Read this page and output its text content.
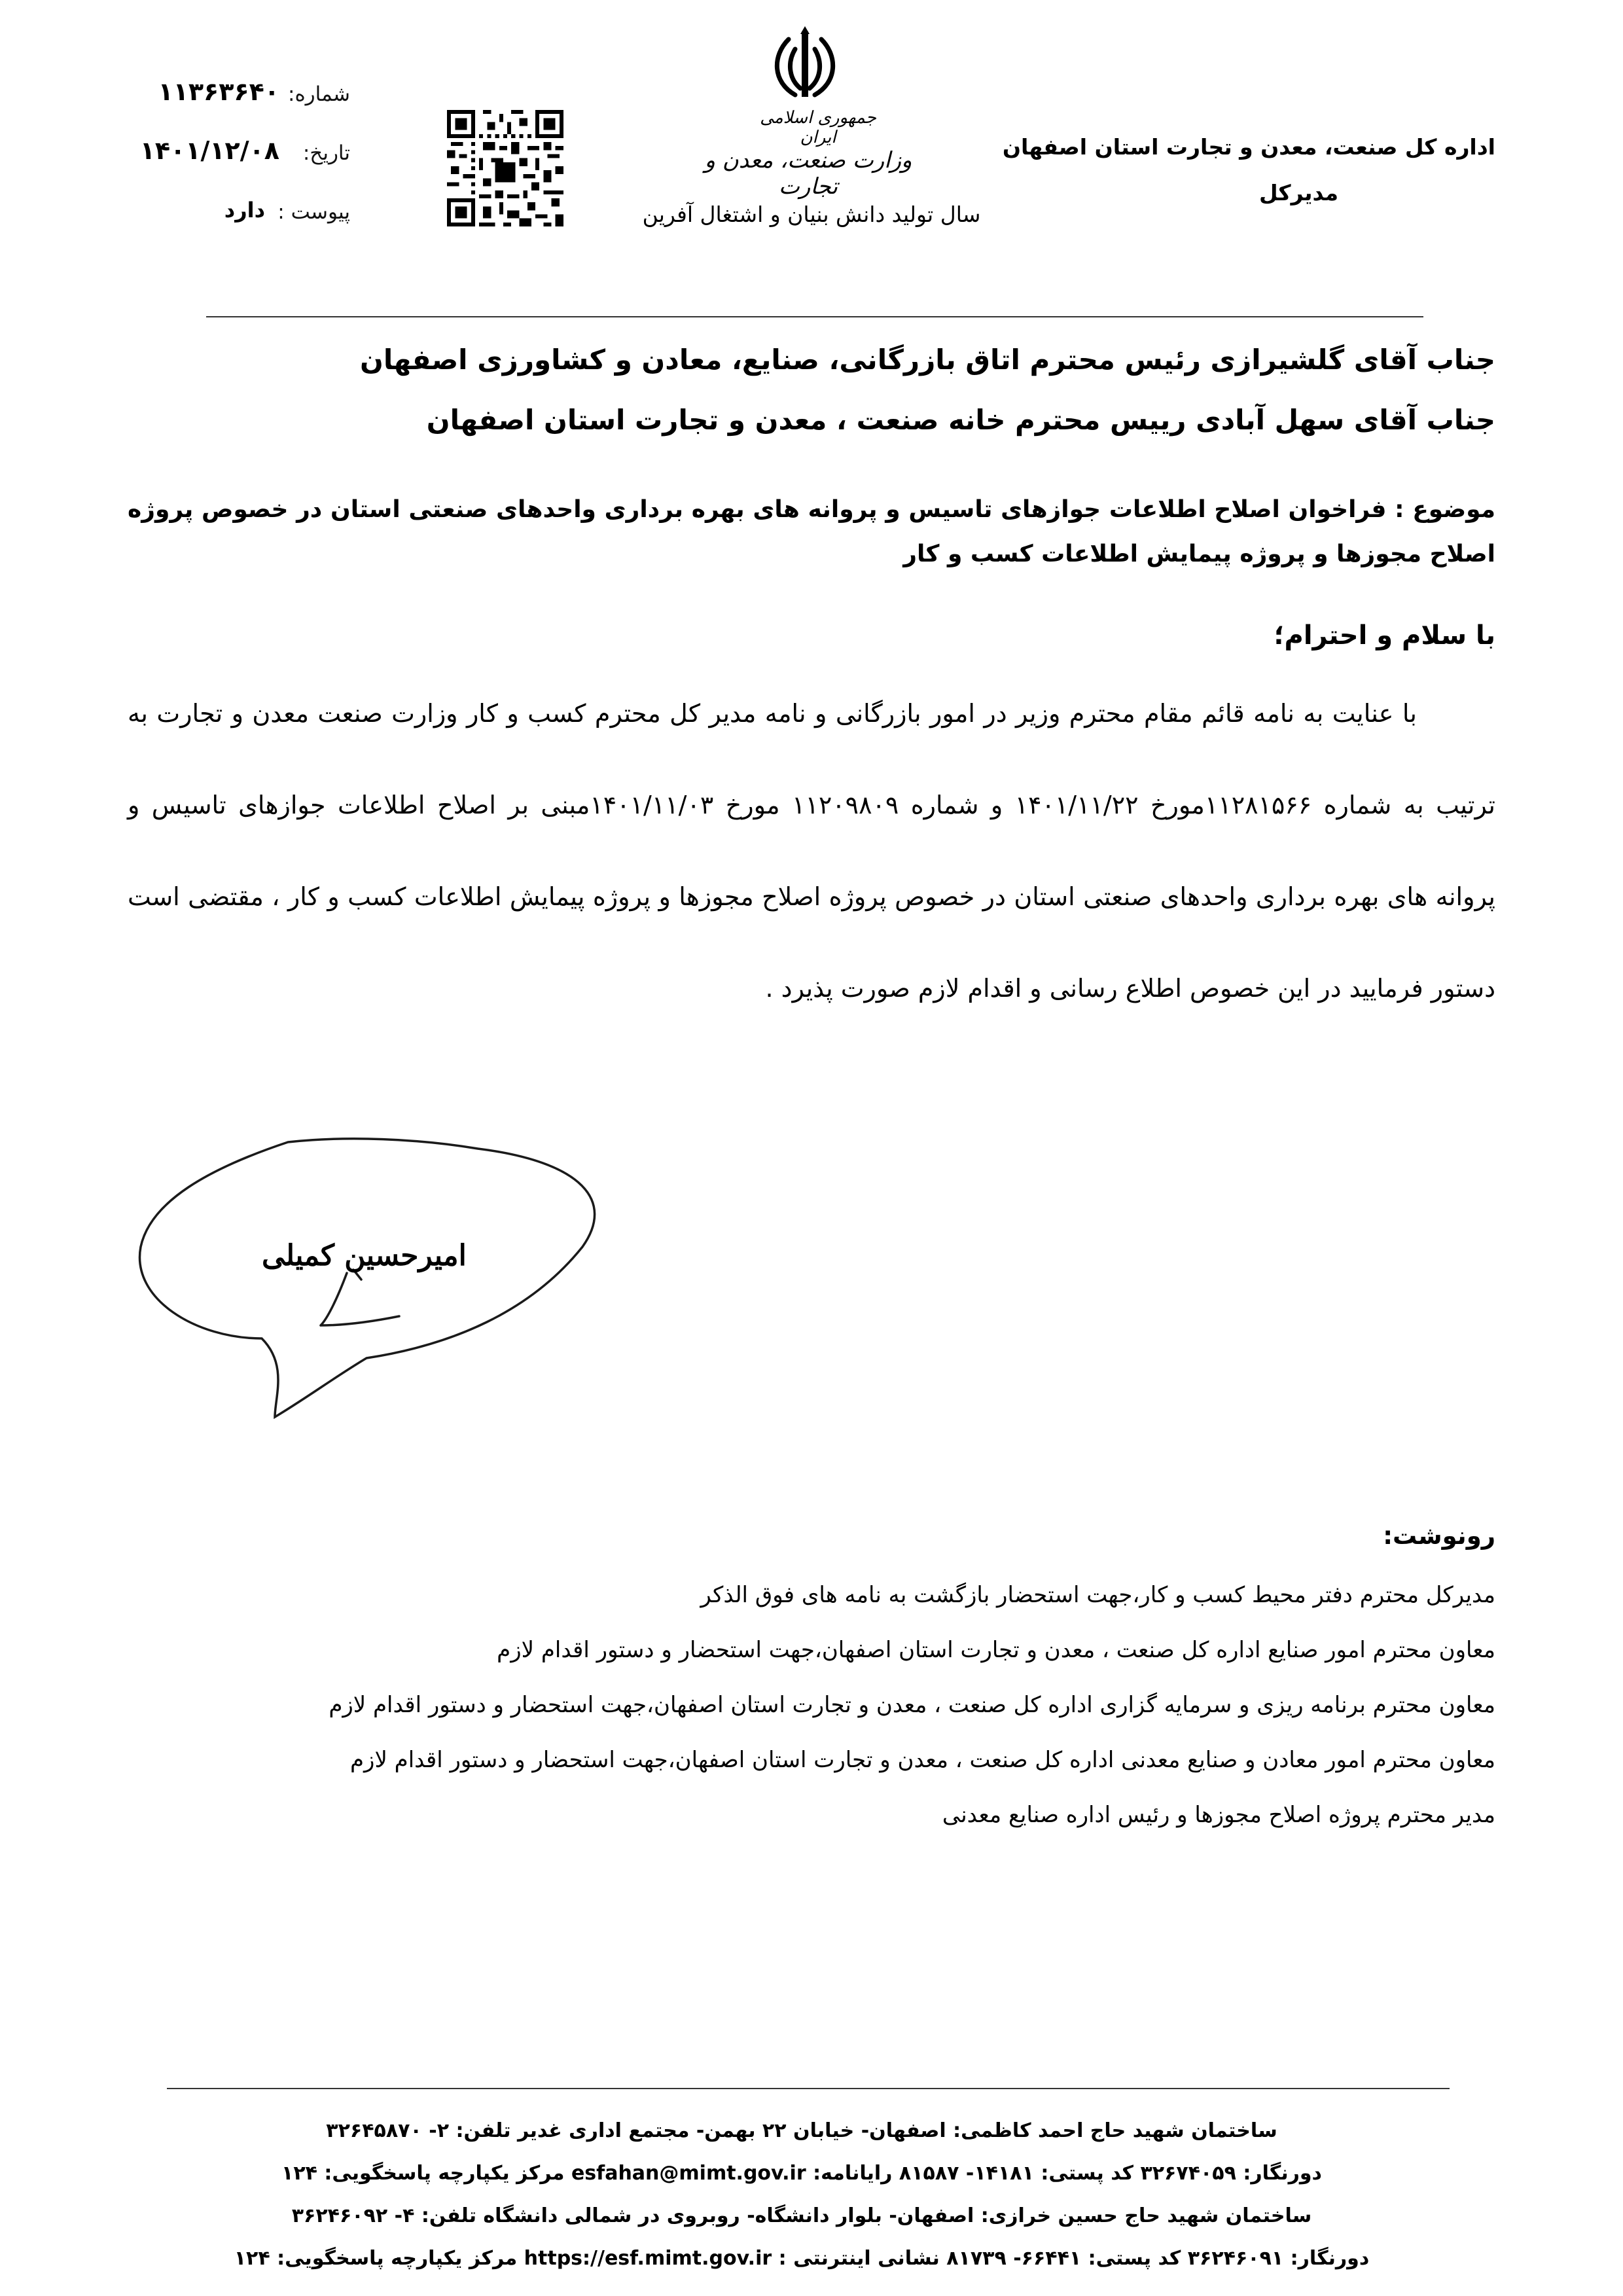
شماره:
۱۱۳۶۳۶۴۰
تاریخ:
۱۴۰۱/۱۲/۰۸
پیوست :
دارد
جمهوری اسلامی ایران
وزارت صنعت، معدن و تجارت
سال تولید دانش بنیان و اشتغال آفرین
اداره کل صنعت، معدن و تجارت استان اصفهان
مدیرکل
جناب آقای گلشیرازی رئیس محترم اتاق بازرگانی، صنایع، معادن و کشاورزی اصفهان
جناب آقای سهل آبادی رییس محترم خانه صنعت ، معدن و تجارت استان اصفهان
موضوع : فراخوان اصلاح اطلاعات جوازهای تاسیس و پروانه های بهره برداری واحدهای صنعتی استان در خصوص پروژه اصلاح مجوزها و پروژه پیمایش اطلاعات کسب و کار
با سلام و احترام؛
با عنایت به نامه قائم مقام محترم وزیر در امور بازرگانی و نامه مدیر کل محترم کسب و کار وزارت صنعت معدن و تجارت به ترتیب به شماره ۱۱۲۸۱۵۶۶مورخ ۱۴۰۱/۱۱/۲۲ و شماره ۱۱۲۰۹۸۰۹ مورخ ۱۴۰۱/۱۱/۰۳مبنی بر اصلاح اطلاعات جوازهای تاسیس و پروانه های بهره برداری واحدهای صنعتی استان در خصوص پروژه اصلاح مجوزها و پروژه پیمایش اطلاعات کسب و کار ، مقتضی است دستور فرمایید در این خصوص اطلاع رسانی و اقدام لازم صورت پذیرد .
امیرحسین کمیلی
رونوشت:
مدیرکل محترم دفتر محیط کسب و کار،جهت استحضار بازگشت به نامه های فوق الذکر
معاون محترم امور صنایع اداره کل صنعت ، معدن و تجارت استان اصفهان،جهت استحضار و دستور اقدام لازم
معاون محترم برنامه ریزی و سرمایه گزاری اداره کل صنعت ، معدن و تجارت استان اصفهان،جهت استحضار و دستور اقدام لازم
معاون محترم امور معادن و صنایع معدنی اداره کل صنعت ، معدن و تجارت استان اصفهان،جهت استحضار و دستور اقدام لازم
مدیر محترم پروژه اصلاح مجوزها و رئیس اداره صنایع معدنی
ساختمان شهید حاج احمد کاظمی: اصفهان- خیابان ۲۲ بهمن- مجتمع اداری غدیر تلفن: ۲- ۳۲۶۴۵۸۷۰
دورنگار: ۳۲۶۷۴۰۵۹ کد پستی: ۱۴۱۸۱- ۸۱۵۸۷ رایانامه: esfahan@mimt.gov.ir مرکز یکپارچه پاسخگویی: ۱۲۴
ساختمان شهید حاج حسین خرازی: اصفهان- بلوار دانشگاه- روبروی در شمالی دانشگاه تلفن: ۴- ۳۶۲۴۶۰۹۲
دورنگار: ۳۶۲۴۶۰۹۱ کد پستی: ۶۶۴۴۱- ۸۱۷۳۹ نشانی اینترنتی : https://esf.mimt.gov.ir مرکز یکپارچه پاسخگویی: ۱۲۴
